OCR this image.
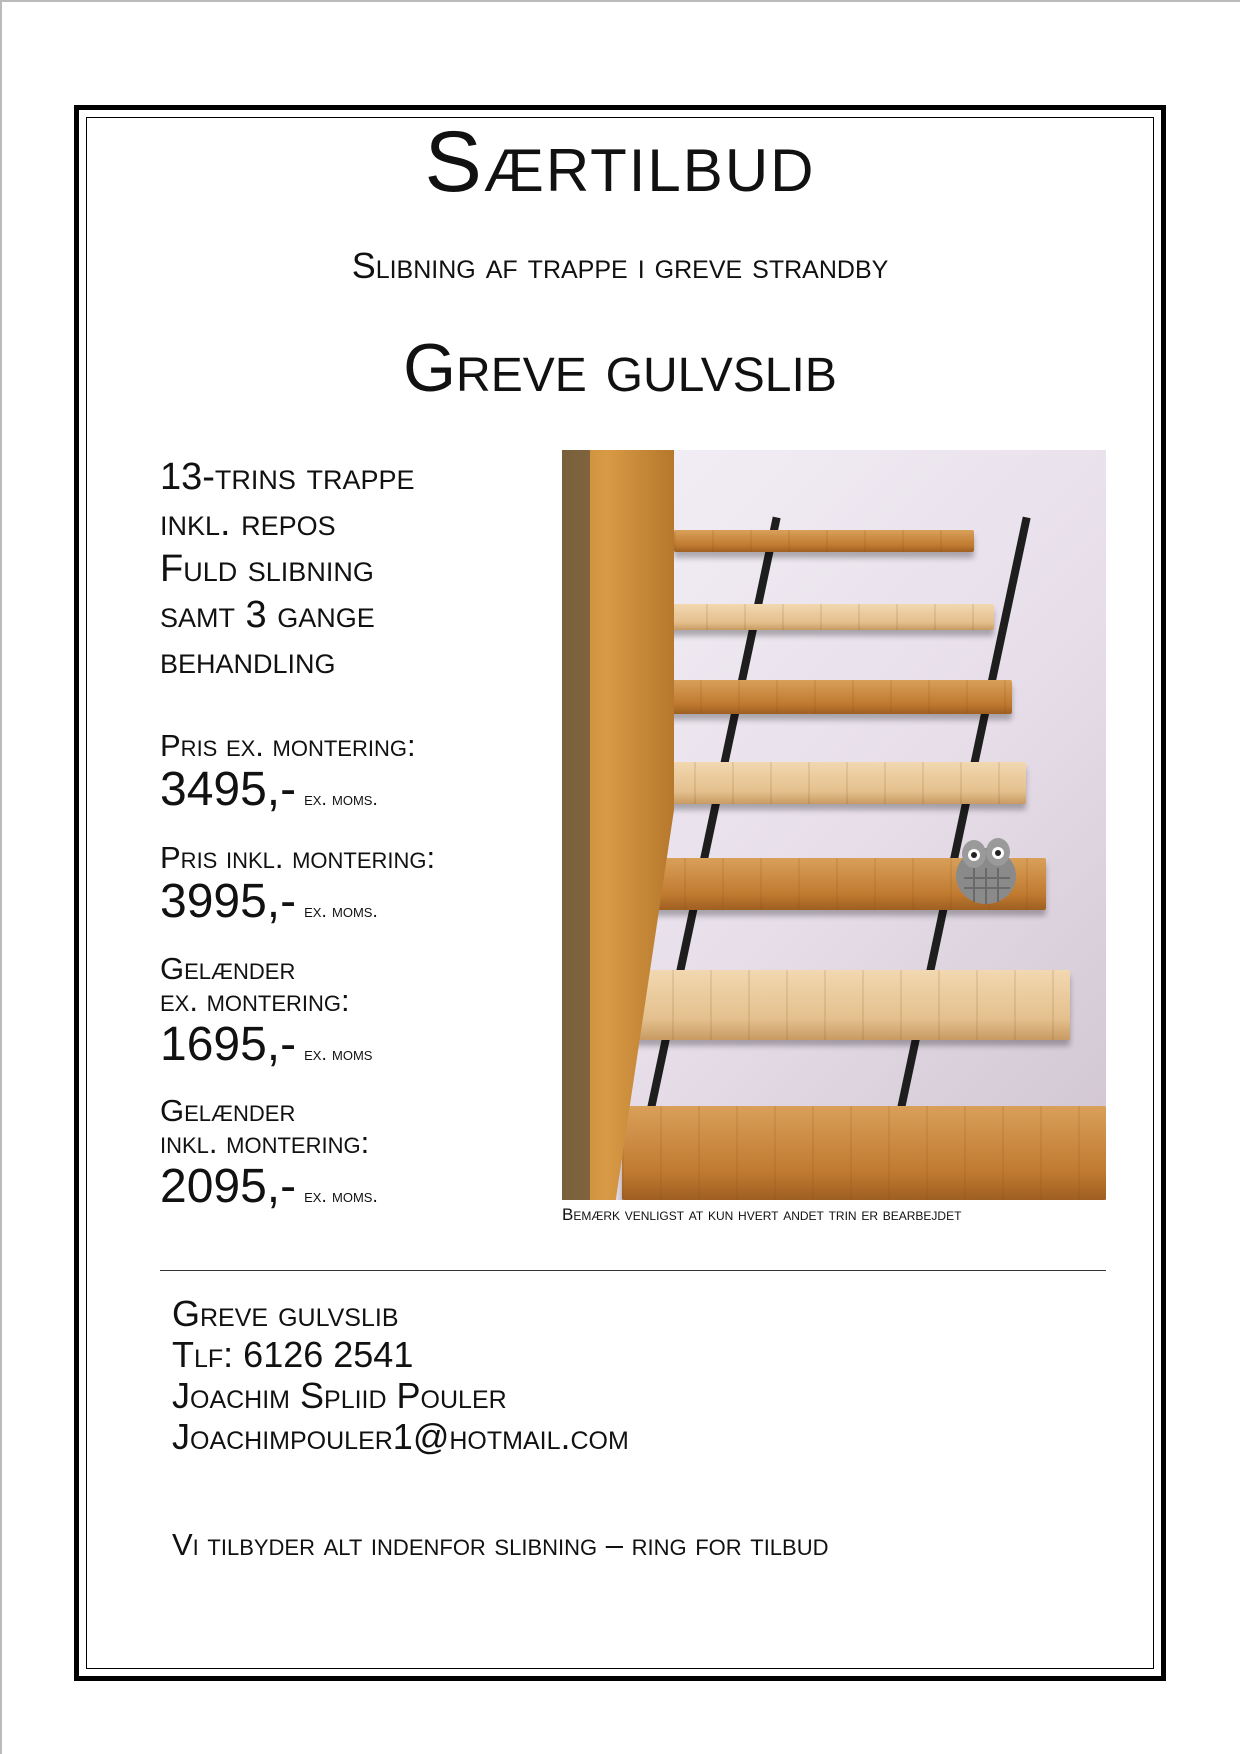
Særtilbud
Slibning af trappe i greve strandby
Greve gulvslib
13-trins trappe
inkl. repos
Fuld slibning
samt 3 gange
behandling
Pris ex. montering:
3495,- ex. moms.
Pris inkl. montering:
3995,- ex. moms.
Gelænder
ex. montering:
1695,- ex. moms
Gelænder
inkl. montering:
2095,- ex. moms.
Bemærk venligst at kun hvert andet trin er bearbejdet
Greve gulvslib
Tlf: 6126 2541
Joachim Spliid Pouler
Joachimpouler1@hotmail.com
Vi tilbyder alt indenfor slibning – ring for tilbud
